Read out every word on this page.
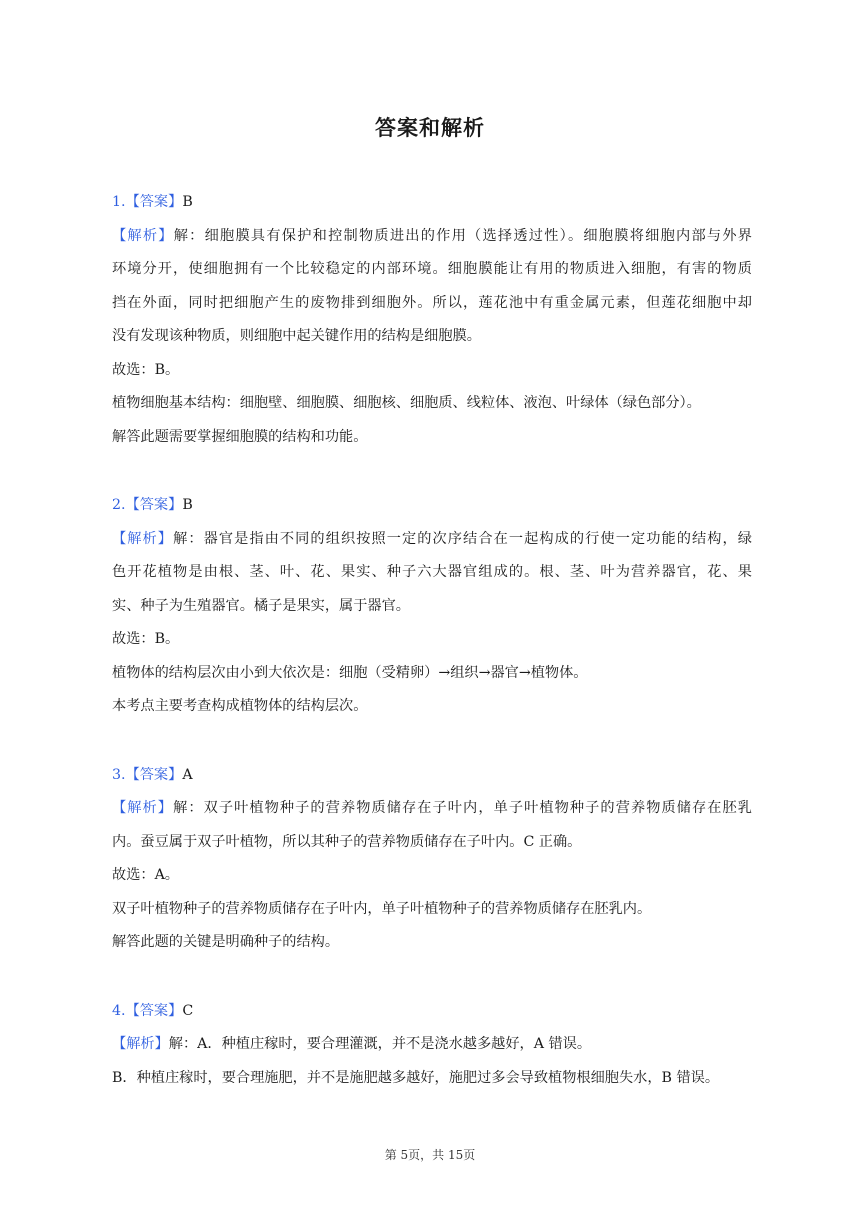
答案和解析
1.【答案】B
【解析】解：细胞膜具有保护和控制物质进出的作用（选择透过性）。细胞膜将细胞内部与外界
环境分开，使细胞拥有一个比较稳定的内部环境。细胞膜能让有用的物质进入细胞，有害的物质
挡在外面，同时把细胞产生的废物排到细胞外。所以，莲花池中有重金属元素，但莲花细胞中却
没有发现该种物质，则细胞中起关键作用的结构是细胞膜。
故选：B。
植物细胞基本结构：细胞壁、细胞膜、细胞核、细胞质、线粒体、液泡、叶绿体（绿色部分）。
解答此题需要掌握细胞膜的结构和功能。
2.【答案】B
【解析】解：器官是指由不同的组织按照一定的次序结合在一起构成的行使一定功能的结构，绿
色开花植物是由根、茎、叶、花、果实、种子六大器官组成的。根、茎、叶为营养器官，花、果
实、种子为生殖器官。橘子是果实，属于器官。
故选：B。
植物体的结构层次由小到大依次是：细胞（受精卵）→组织→器官→植物体。
本考点主要考查构成植物体的结构层次。
3.【答案】A
【解析】解：双子叶植物种子的营养物质储存在子叶内，单子叶植物种子的营养物质储存在胚乳
内。蚕豆属于双子叶植物，所以其种子的营养物质储存在子叶内。C 正确。
故选：A。
双子叶植物种子的营养物质储存在子叶内，单子叶植物种子的营养物质储存在胚乳内。
解答此题的关键是明确种子的结构。
4.【答案】C
【解析】解：A．种植庄稼时，要合理灌溉，并不是浇水越多越好，A 错误。
B．种植庄稼时，要合理施肥，并不是施肥越多越好，施肥过多会导致植物根细胞失水，B 错误。
第 5页，共 15页
